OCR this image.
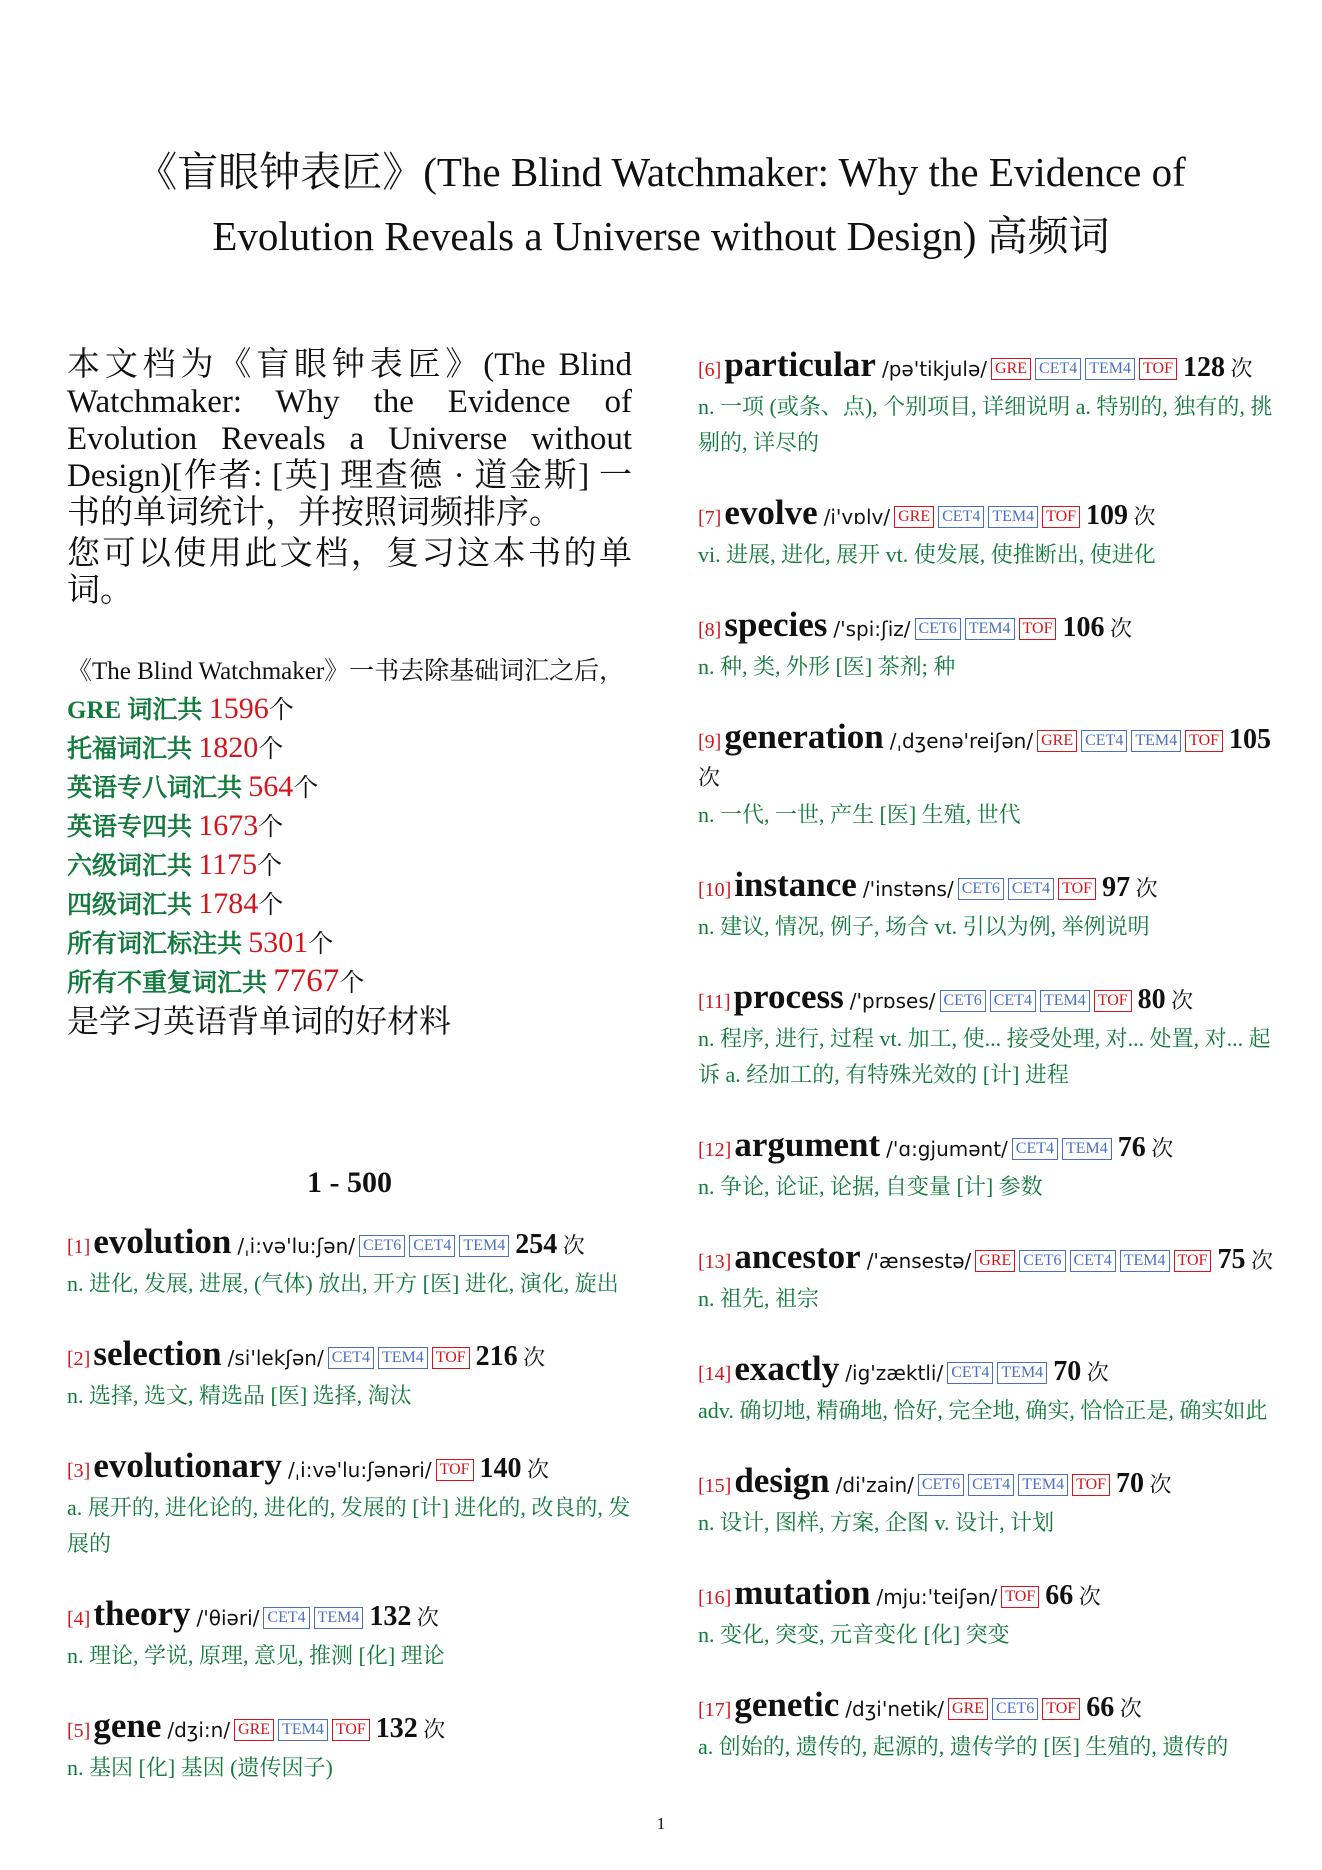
《盲眼钟表匠》(The Blind Watchmaker: Why the Evidence of
Evolution Reveals a Universe without Design) 高频词

本文档为《盲眼钟表匠》(The Blind Watchmaker: Why the Evidence of Evolution Reveals a Universe without Design)[作者: [英] 理查德 · 道金斯] 一书的单词统计，并按照词频排序。

您可以使用此文档，复习这本书的单词。

《The Blind Watchmaker》一书去除基础词汇之后，
GRE 词汇共 1596个
托福词汇共 1820个
英语专八词汇共 564个
英语专四共 1673个
六级词汇共 1175个
四级词汇共 1784个
所有词汇标注共 5301个
所有不重复词汇共 7767个
是学习英语背单词的好材料
1 - 500
[1]evolution /ˌi:və'lu:ʃən/ CET6 CET4 TEM4 254 次
n. 进化, 发展, 进展, (气体) 放出, 开方 [医] 进化, 演化, 旋出
[2]selection /si'lekʃən/ CET4 TEM4 TOF 216 次
n. 选择, 选文, 精选品 [医] 选择, 淘汰
[3]evolutionary /ˌi:və'lu:ʃənəri/ TOF 140 次
a. 展开的, 进化论的, 进化的, 发展的 [计] 进化的, 改良的, 发展的
[4]theory /'θiəri/ CET4 TEM4 132 次
n. 理论, 学说, 原理, 意见, 推测 [化] 理论
[5]gene /dʒi:n/ GRE TEM4 TOF 132 次
n. 基因 [化] 基因 (遗传因子)
[6]particular /pə'tikjulə/ GRE CET4 TEM4 TOF 128 次
n. 一项 (或条、点), 个别项目, 详细说明 a. 特别的, 独有的, 挑剔的, 详尽的
[7]evolve /i'vɒlv/ GRE CET4 TEM4 TOF 109 次
vi. 进展, 进化, 展开 vt. 使发展, 使推断出, 使进化
[8]species /'spi:ʃiz/ CET6 TEM4 TOF 106 次
n. 种, 类, 外形 [医] 茶剂; 种
[9]generation /ˌdʒenə'reiʃən/ GRE CET4 TEM4 TOF 105 次
n. 一代, 一世, 产生 [医] 生殖, 世代
[10]instance /'instəns/ CET6 CET4 TOF 97 次
n. 建议, 情况, 例子, 场合 vt. 引以为例, 举例说明
[11]process /'prɒses/ CET6 CET4 TEM4 TOF 80 次
n. 程序, 进行, 过程 vt. 加工, 使... 接受处理, 对... 处置, 对... 起诉 a. 经加工的, 有特殊光效的 [计] 进程
[12]argument /'ɑ:gjumənt/ CET4 TEM4 76 次
n. 争论, 论证, 论据, 自变量 [计] 参数
[13]ancestor /'ænsestə/ GRE CET6 CET4 TEM4 TOF 75 次
n. 祖先, 祖宗
[14]exactly /ig'zæktli/ CET4 TEM4 70 次
adv. 确切地, 精确地, 恰好, 完全地, 确实, 恰恰正是, 确实如此
[15]design /di'zain/ CET6 CET4 TEM4 TOF 70 次
n. 设计, 图样, 方案, 企图 v. 设计, 计划
[16]mutation /mju:'teiʃən/ TOF 66 次
n. 变化, 突变, 元音变化 [化] 突变
[17]genetic /dʒi'netik/ GRE CET6 TOF 66 次
a. 创始的, 遗传的, 起源的, 遗传学的 [医] 生殖的, 遗传的
1
